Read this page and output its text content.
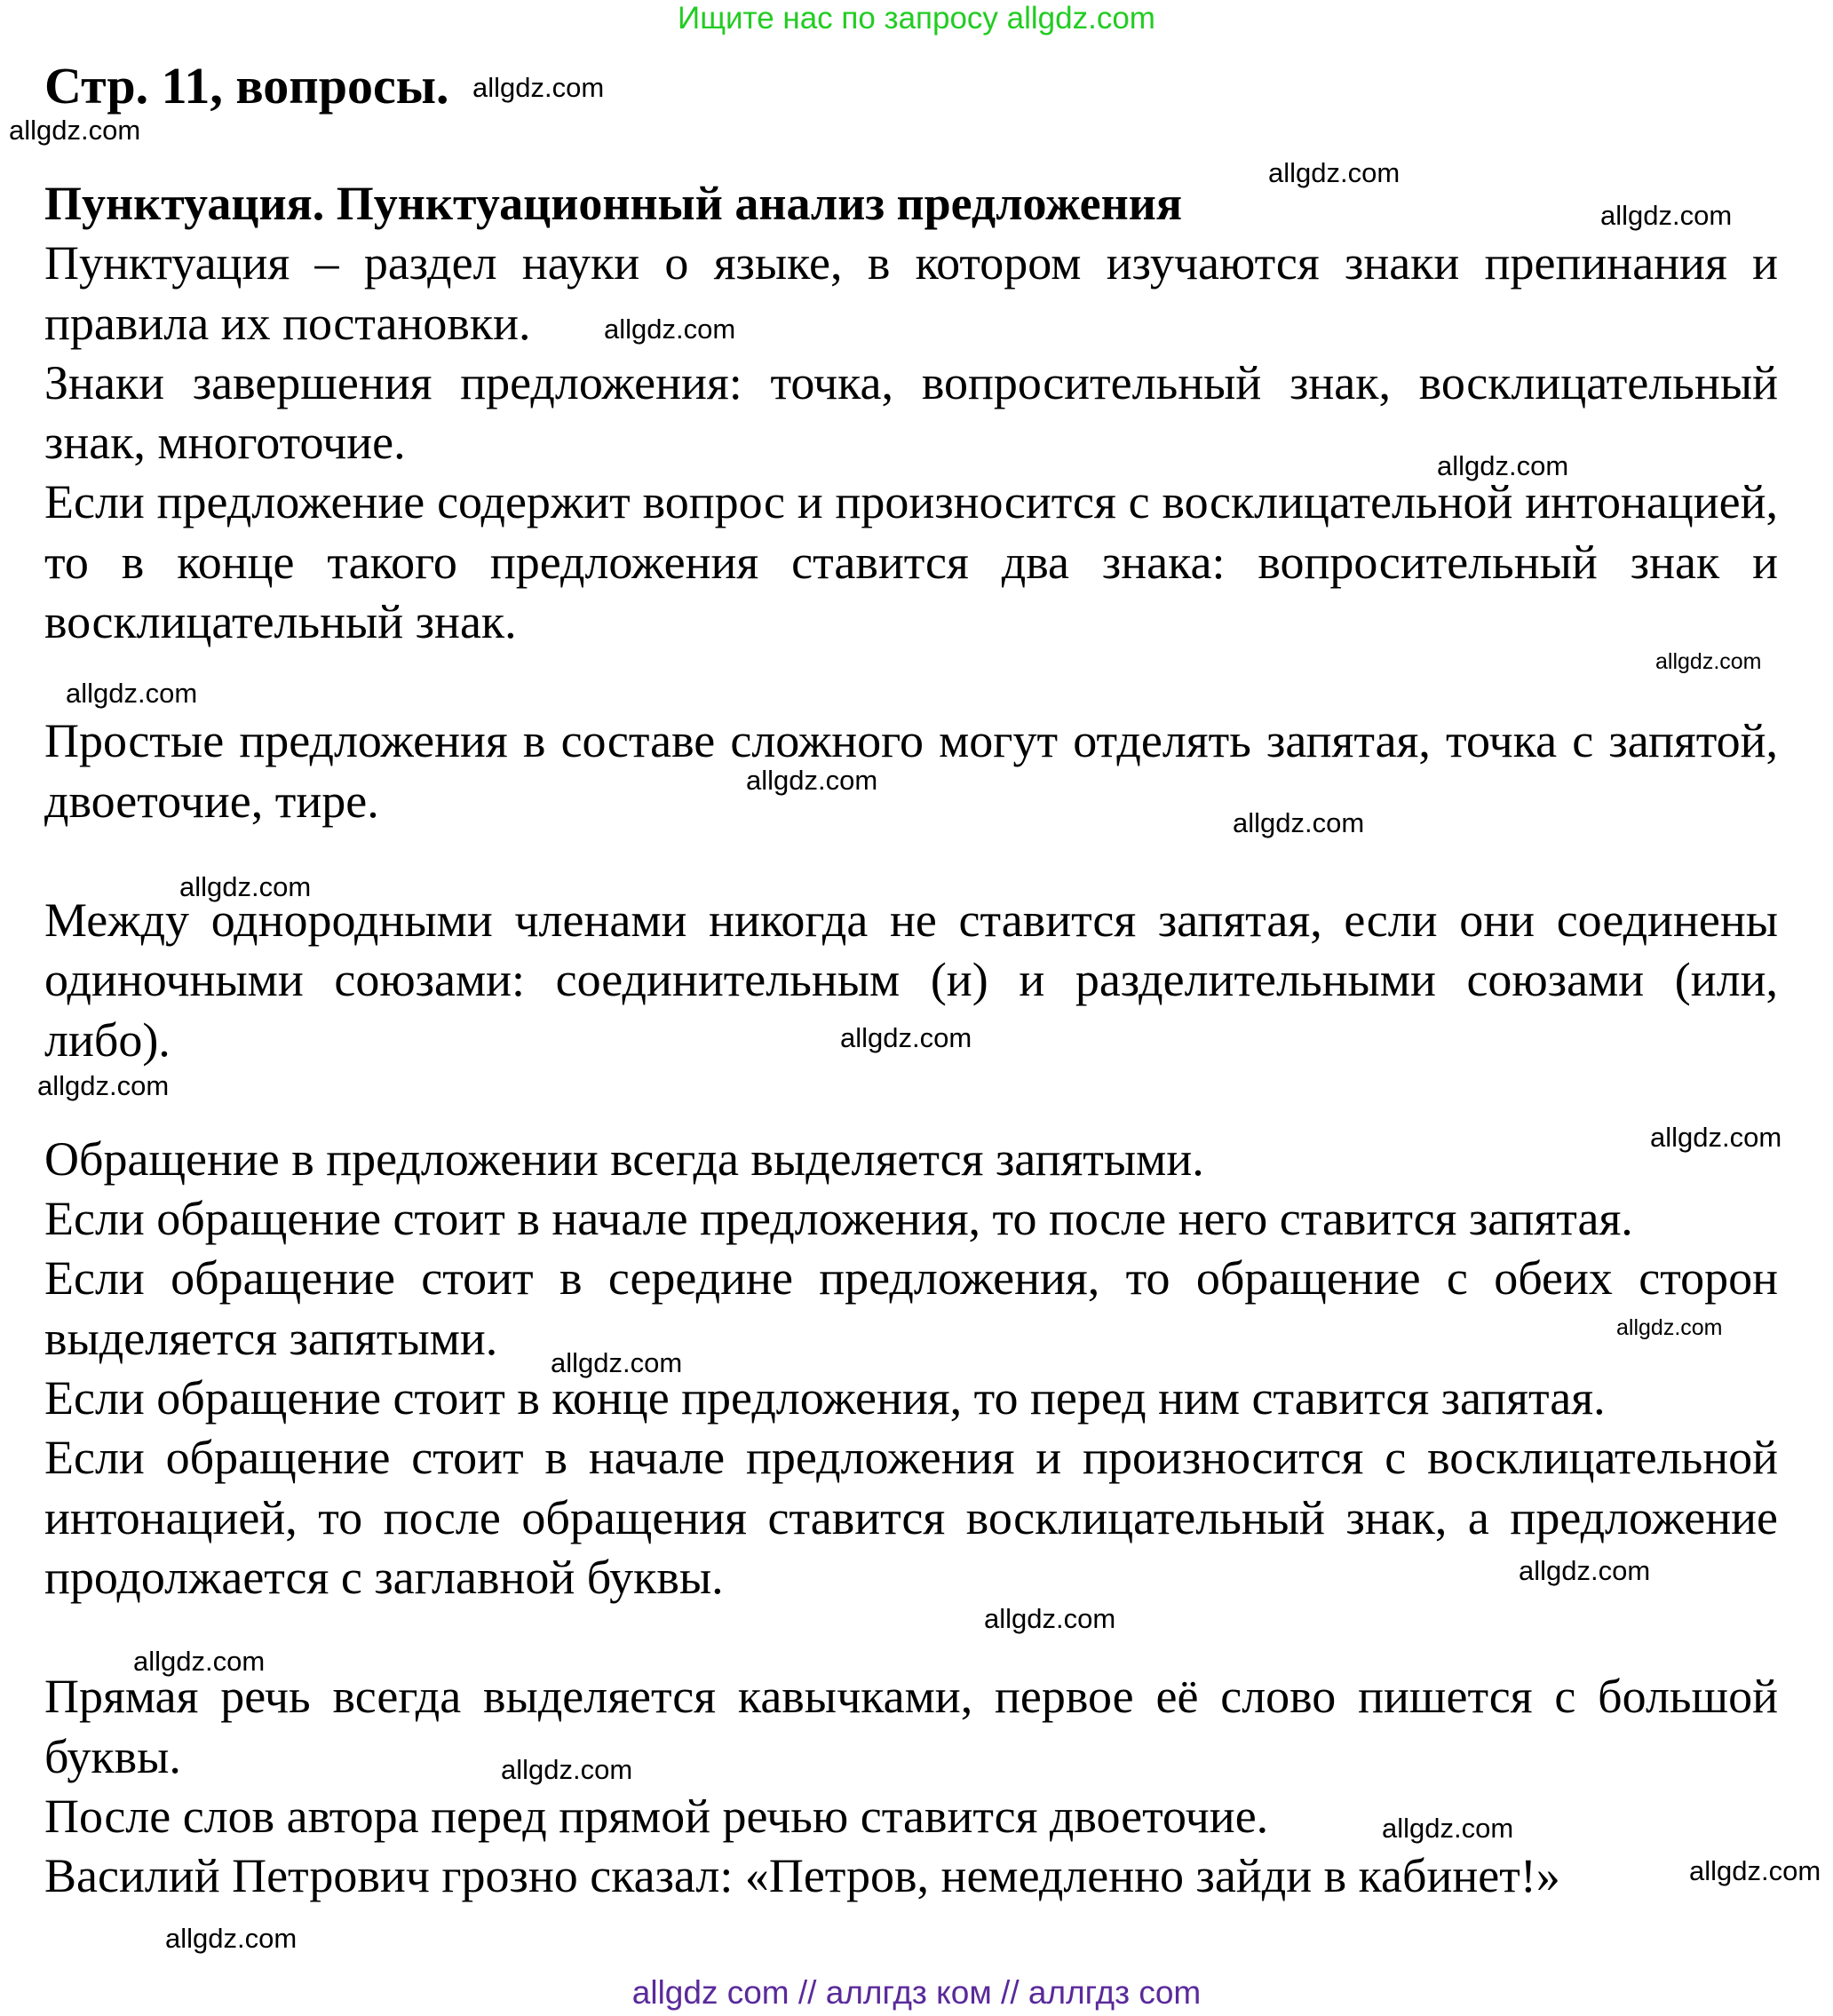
Ищите нас по запросу allgdz.com
Стр. 11, вопросы.
Пунктуация. Пунктуационный анализ предложения

Пунктуация – раздел науки о языке, в котором изучаются знаки препинания и правила их постановки.

Знаки завершения предложения: точка, вопросительный знак, восклицательный знак, многоточие.

Если предложение содержит вопрос и произносится с восклицательной интонацией, то в конце такого предложения ставится два знака: вопросительный знак и восклицательный знак.

Простые предложения в составе сложного могут отделять запятая, точка с запятой, двоеточие, тире.

Между однородными членами никогда не ставится запятая, если они соединены одиночными союзами: соединительным (и) и разделительными союзами (или, либо).

Обращение в предложении всегда выделяется запятыми.

Если обращение стоит в начале предложения, то после него ставится запятая.

Если обращение стоит в середине предложения, то обращение с обеих сторон выделяется запятыми.

Если обращение стоит в конце предложения, то перед ним ставится запятая.

Если обращение стоит в начале предложения и произносится с восклицательной интонацией, то после обращения ставится восклицательный знак, а предложение продолжается с заглавной буквы.

Прямая речь всегда выделяется кавычками, первое её слово пишется с большой буквы.

После слов автора перед прямой речью ставится двоеточие.

Василий Петрович грозно сказал: «Петров, немедленно зайди в кабинет!»

allgdz.com
allgdz.com
allgdz.com
allgdz.com
allgdz.com
allgdz.com
allgdz.com
allgdz.com
allgdz.com
allgdz.com
allgdz.com
allgdz.com
allgdz.com
allgdz.com
allgdz.com
allgdz.com
allgdz.com
allgdz.com
allgdz.com
allgdz.com
allgdz.com
allgdz.com
allgdz.com
allgdz com // аллгдз ком // аллгдз com
